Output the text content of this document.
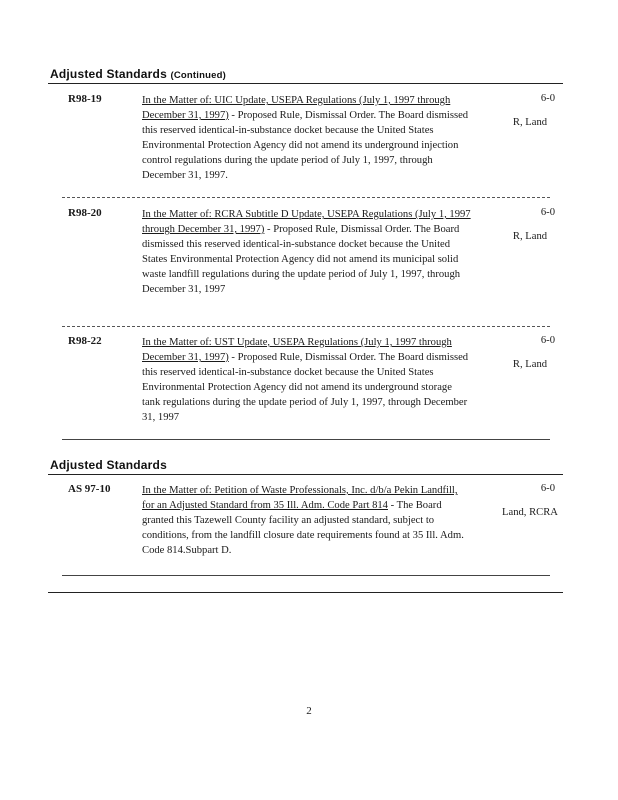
Adjusted Standards (Continued)
R98-19	In the Matter of: UIC Update, USEPA Regulations (July 1, 1997 through December 31, 1997) - Proposed Rule, Dismissal Order. The Board dismissed this reserved identical-in-substance docket because the United States Environmental Protection Agency did not amend its underground injection control regulations during the update period of July 1, 1997, through December 31, 1997.
6-0
R, Land
R98-20	In the Matter of: RCRA Subtitle D Update, USEPA Regulations (July 1, 1997 through December 31, 1997) - Proposed Rule, Dismissal Order. The Board dismissed this reserved identical-in-substance docket because the United States Environmental Protection Agency did not amend its municipal solid waste landfill regulations during the update period of July 1, 1997, through December 31, 1997
6-0
R, Land
R98-22	In the Matter of: UST Update, USEPA Regulations (July 1, 1997 through December 31, 1997) - Proposed Rule, Dismissal Order. The Board dismissed this reserved identical-in-substance docket because the United States Environmental Protection Agency did not amend its underground storage tank regulations during the update period of July 1, 1997, through December 31, 1997
6-0
R, Land
Adjusted Standards
AS 97-10	In the Matter of: Petition of Waste Professionals, Inc. d/b/a Pekin Landfill, for an Adjusted Standard from 35 Ill. Adm. Code Part 814 - The Board granted this Tazewell County facility an adjusted standard, subject to conditions, from the landfill closure date requirements found at 35 Ill. Adm. Code 814.Subpart D.
6-0
Land, RCRA
2
